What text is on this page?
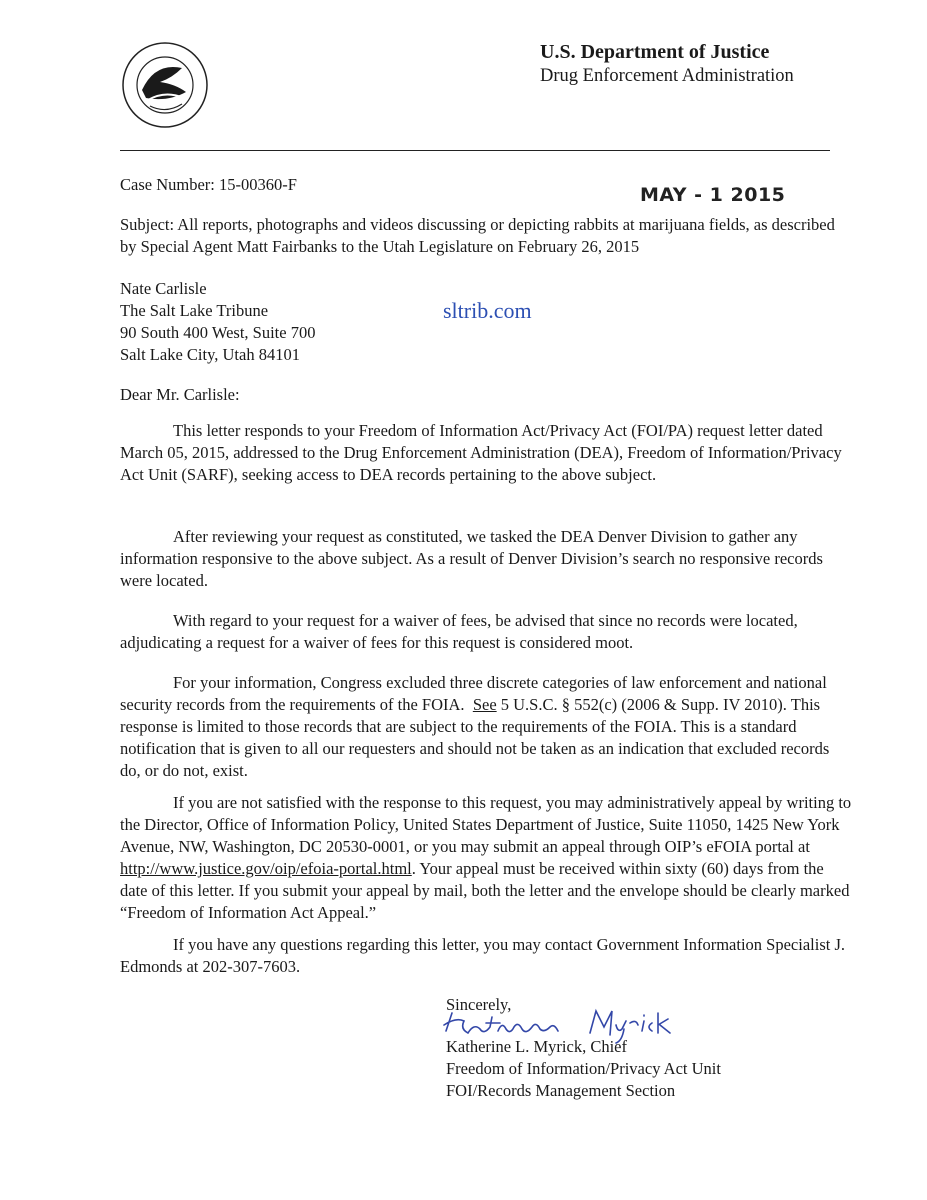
U.S. Department of Justice
Drug Enforcement Administration
Case Number: 15-00360-F	MAY - 1 2015
Subject: All reports, photographs and videos discussing or depicting rabbits at marijuana fields, as described by Special Agent Matt Fairbanks to the Utah Legislature on February 26, 2015
Nate Carlisle
The Salt Lake Tribune
90 South 400 West, Suite 700
Salt Lake City, Utah 84101
sltrib.com
Dear Mr. Carlisle:
This letter responds to your Freedom of Information Act/Privacy Act (FOI/PA) request letter dated March 05, 2015, addressed to the Drug Enforcement Administration (DEA), Freedom of Information/Privacy Act Unit (SARF), seeking access to DEA records pertaining to the above subject.
After reviewing your request as constituted, we tasked the DEA Denver Division to gather any information responsive to the above subject. As a result of Denver Division’s search no responsive records were located.
With regard to your request for a waiver of fees, be advised that since no records were located, adjudicating a request for a waiver of fees for this request is considered moot.
For your information, Congress excluded three discrete categories of law enforcement and national security records from the requirements of the FOIA. See 5 U.S.C. § 552(c) (2006 & Supp. IV 2010). This response is limited to those records that are subject to the requirements of the FOIA. This is a standard notification that is given to all our requesters and should not be taken as an indication that excluded records do, or do not, exist.
If you are not satisfied with the response to this request, you may administratively appeal by writing to the Director, Office of Information Policy, United States Department of Justice, Suite 11050, 1425 New York Avenue, NW, Washington, DC 20530-0001, or you may submit an appeal through OIP’s eFOIA portal at http://www.justice.gov/oip/efoia-portal.html. Your appeal must be received within sixty (60) days from the date of this letter. If you submit your appeal by mail, both the letter and the envelope should be clearly marked “Freedom of Information Act Appeal.”
If you have any questions regarding this letter, you may contact Government Information Specialist J. Edmonds at 202-307-7603.
Sincerely,
Katherine L. Myrick, Chief
Freedom of Information/Privacy Act Unit
FOI/Records Management Section
